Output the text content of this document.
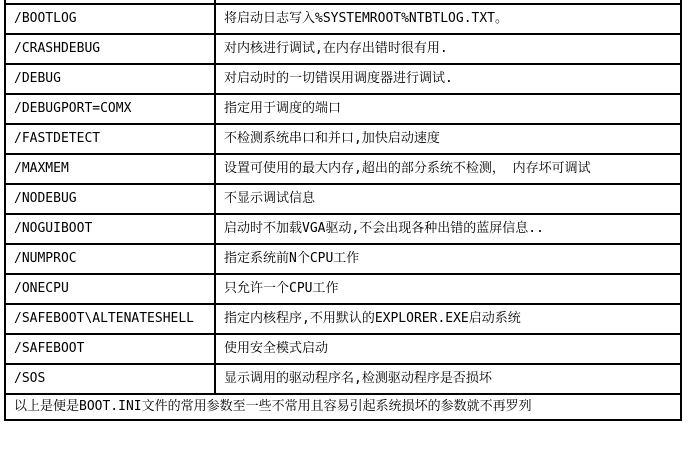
/BOOTLOG	将启动日志写入%SYSTEMROOT%NTBTLOG.TXT。
/CRASHDEBUG	对内核进行调试,在内存出错时很有用.
/DEBUG	对启动时的一切错误用调度器进行调试.
/DEBUGPORT=COMX	指定用于调度的端口
/FASTDETECT	不检测系统串口和并口,加快启动速度
/MAXMEM	设置可使用的最大内存,超出的部分系统不检测， 内存坏可调试
/NODEBUG	不显示调试信息
/NOGUIBOOT	启动时不加载VGA驱动,不会出现各种出错的蓝屏信息..
/NUMPROC	指定系统前N个CPU工作
/ONECPU	只允许一个CPU工作
/SAFEBOOT\ALTENATESHELL	指定内核程序,不用默认的EXPLORER.EXE启动系统
/SAFEBOOT	使用安全模式启动
/SOS	显示调用的驱动程序名,检测驱动程序是否损坏
以上是便是BOOT.INI文件的常用参数至一些不常用且容易引起系统损坏的参数就不再罗列	
